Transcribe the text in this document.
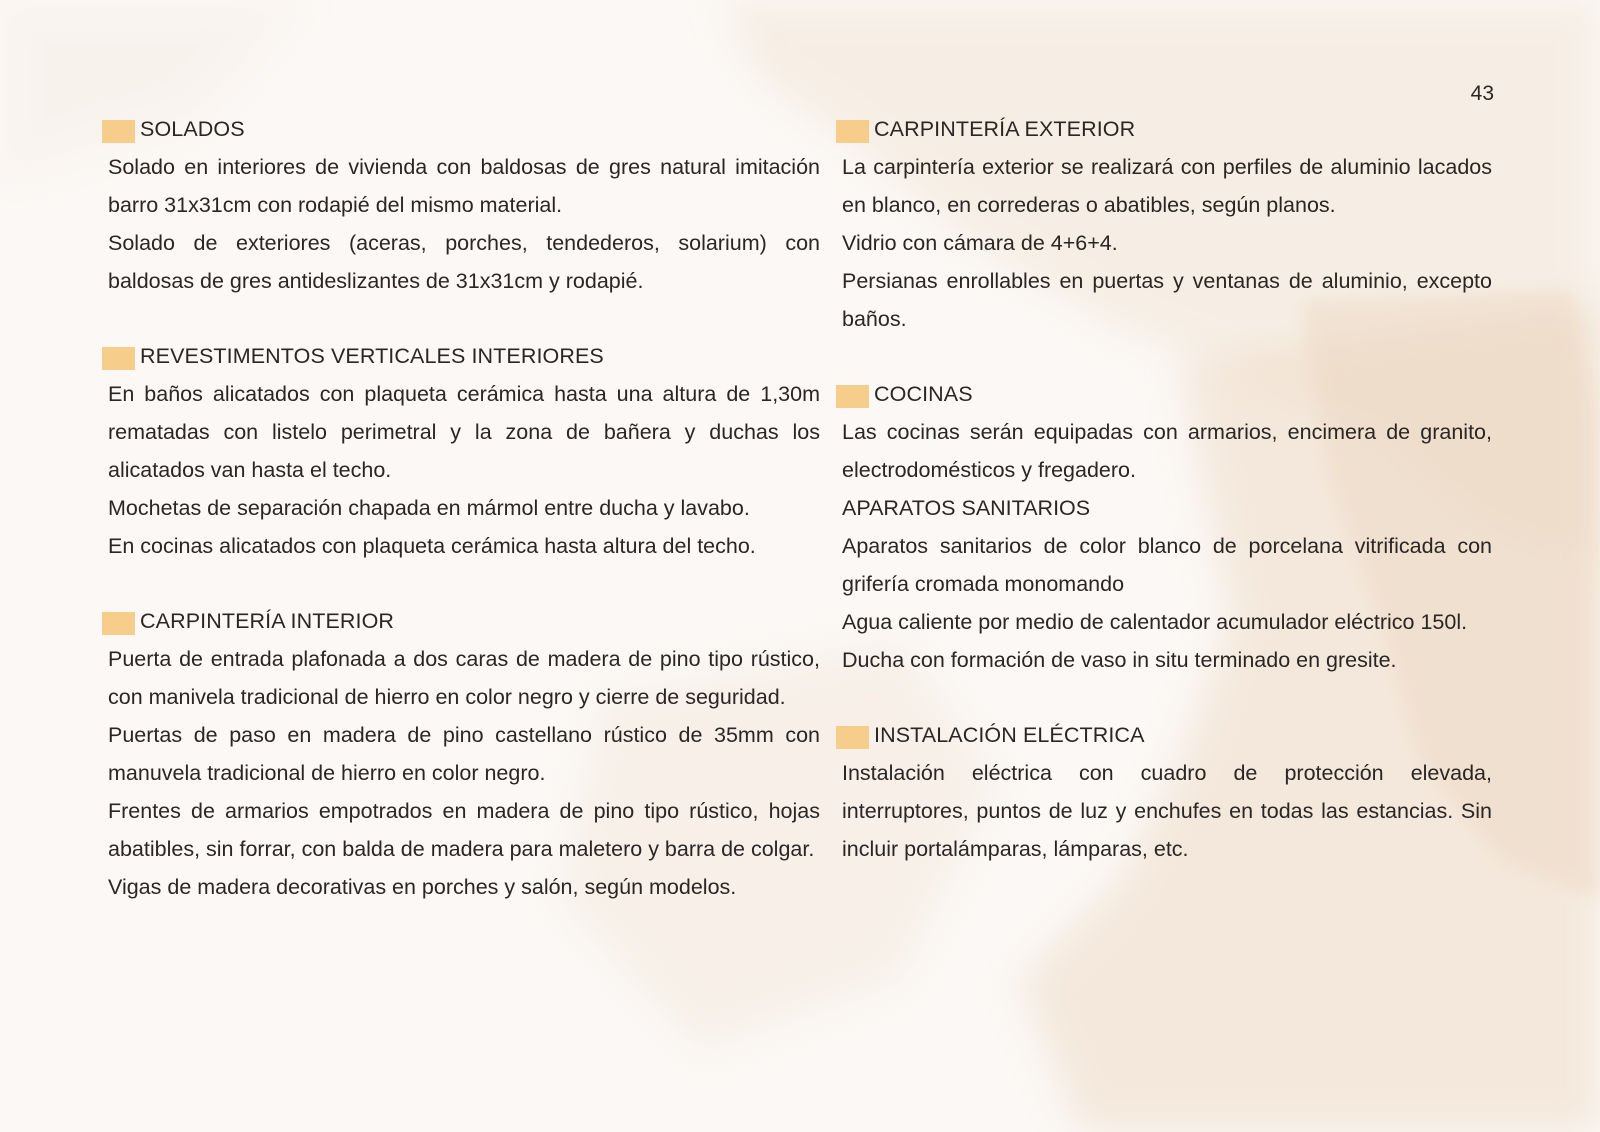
43
SOLADOS

Solado en interiores de vivienda con baldosas de gres natural imitación barro 31x31cm con rodapié del mismo material.

Solado de exteriores (aceras, porches, tendederos, solarium) con baldosas de gres antideslizantes de 31x31cm y rodapié.

REVESTIMENTOS VERTICALES INTERIORES

En baños alicatados con plaqueta cerámica hasta una altura de 1,30m rematadas con listelo perimetral y la zona de bañera y duchas los alicatados van hasta el techo.

Mochetas de separación chapada en mármol entre ducha y lavabo.

En cocinas alicatados con plaqueta cerámica hasta altura del techo.

CARPINTERÍA INTERIOR

Puerta de entrada plafonada a dos caras de madera de pino tipo rústico, con manivela tradicional de hierro en color negro y cierre de seguridad.

Puertas de paso en madera de pino castellano rústico de 35mm con manuvela tradicional de hierro en color negro.

Frentes de armarios empotrados en madera de pino tipo rústico, hojas abatibles, sin forrar, con balda de madera para maletero y barra de colgar.

Vigas de madera decorativas en porches y salón, según modelos.

CARPINTERÍA EXTERIOR

La carpintería exterior se realizará con perfiles de aluminio lacados en blanco, en correderas o abatibles, según planos.

Vidrio con cámara de 4+6+4.

Persianas enrollables en puertas y ventanas de aluminio, excepto baños.

COCINAS

Las cocinas serán equipadas con armarios, encimera de granito, electrodomésticos y fregadero.

APARATOS SANITARIOS

Aparatos sanitarios de color blanco de porcelana vitrificada con grifería cromada monomando

Agua caliente por medio de calentador acumulador eléctrico 150l.

Ducha con formación de vaso in situ terminado en gresite.

INSTALACIÓN ELÉCTRICA

Instalación eléctrica con cuadro de protección elevada, interruptores, puntos de luz y enchufes en todas las estancias. Sin incluir portalámparas, lámparas, etc.
